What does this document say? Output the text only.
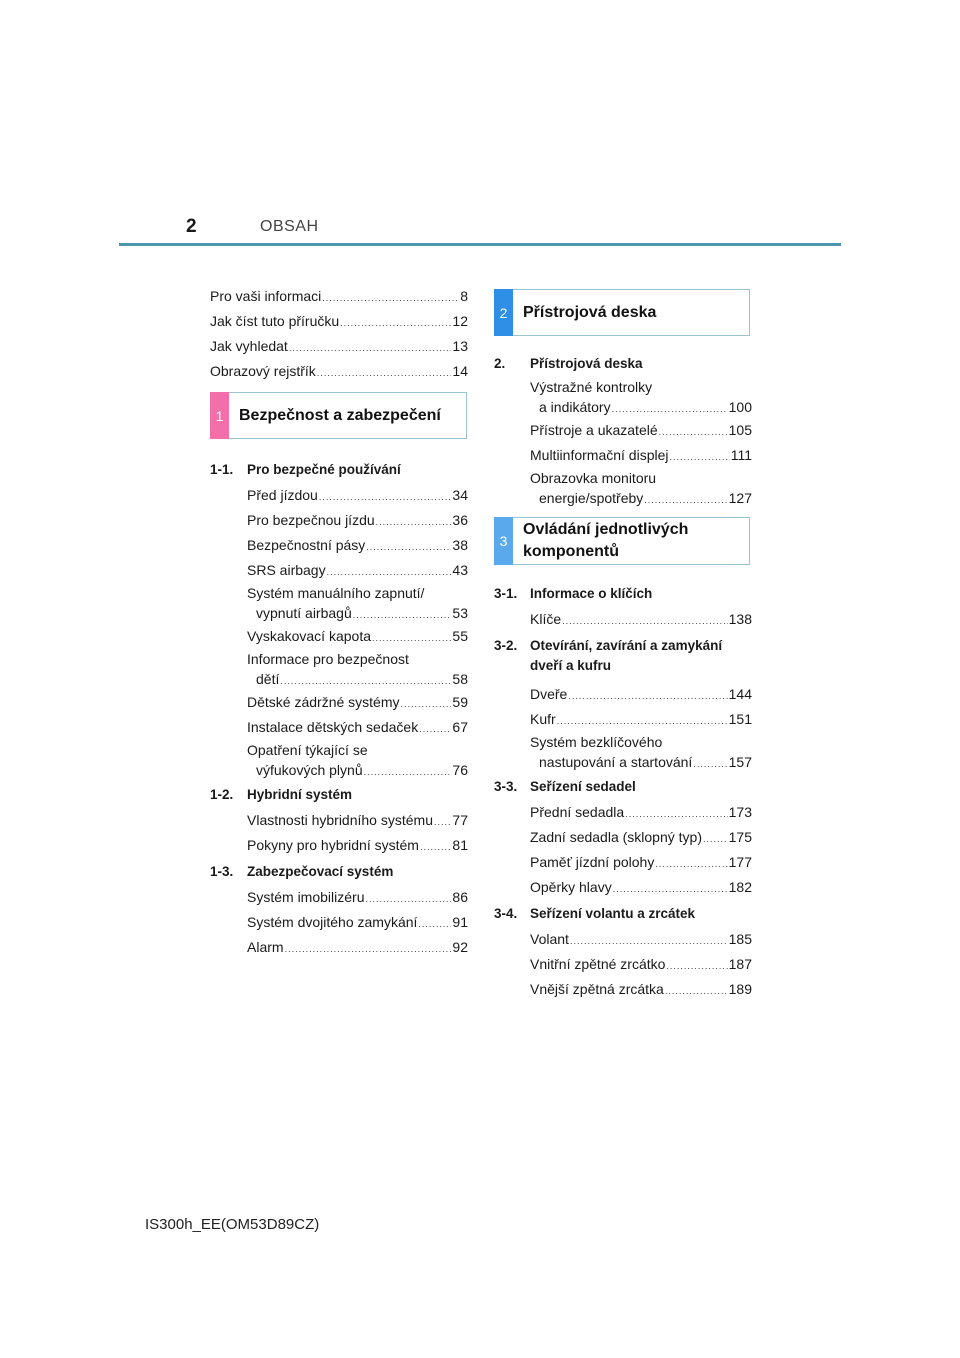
2	OBSAH
Pro vaši informaci .....	8
Jak číst tuto příručku .....	12
Jak vyhledat .....	13
Obrazový rejstřík .....	14
1 Bezpečnost a zabezpečení
1-1.	Pro bezpečné používání
Před jízdou .....	34
Pro bezpečnou jízdu .....	36
Bezpečnostní pásy .....	38
SRS airbagy .....	43
Systém manuálního zapnutí/
vypnutí airbagů .....	53
Vyskakovací kapota .....	55
Informace pro bezpečnost
dětí .....	58
Dětské zádržné systémy .....	59
Instalace dětských sedaček ..... 67
Opatření týkající se
výfukových plynů .....	76
1-2.	Hybridní systém
Vlastnosti hybridního systému ..... 77
Pokyny pro hybridní systém ..... 81
1-3.	Zabezpečovací systém
Systém imobilizéru .....	86
Systém dvojitého zamykání .....	91
Alarm .....	92
2 Přístrojová deska
2.	Přístrojová deska
Výstražné kontrolky
a indikátory .....	100
Přístroje a ukazatelé .....	105
Multiinformační displej .....	111
Obrazovka monitoru
energie/spotřeby .....	127
3
Ovládání jednotlivých komponentů
3-1. Informace o klíčích
Klíče .....	138
3-2. Otevírání, zavírání a zamykání dveří a kufru
Dveře .....	144
Kufr .....	151
Systém bezklíčového
nastupování a startování .....	157
3-3. Seřízení sedadel
Přední sedadla .....	173
Zadní sedadla (sklopný typ) ..... 175
Paměť jízdní polohy .....	177
Opěrky hlavy .....	182
3-4. Seřízení volantu a zrcátek
Volant .....	185
Vnitřní zpětné zrcátko .....	187
Vnější zpětná zrcátka .....	189
IS300h_EE(OM53D89CZ)
